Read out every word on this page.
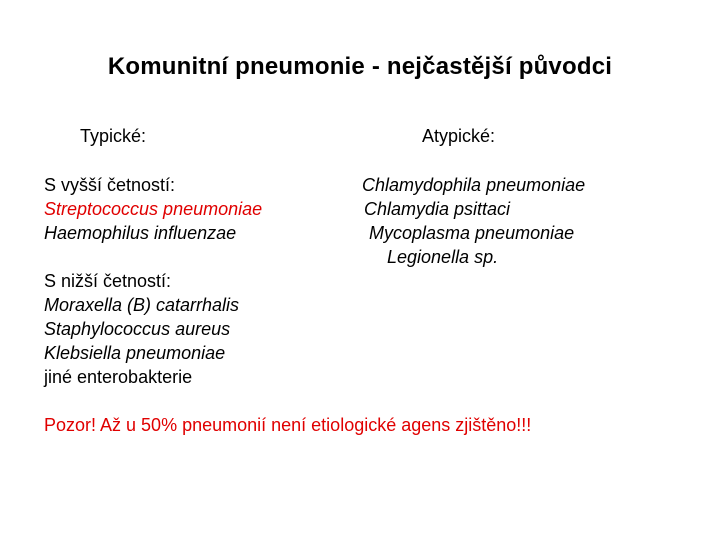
Komunitní pneumonie - nejčastější původci
Typické:	Atypické:
S vyšší četností:
Streptococcus pneumoniae
Haemophilus influenzae
Chlamydophila pneumoniae
Chlamydia psittaci
Mycoplasma pneumoniae
Legionella sp.
S nižší četností:
Moraxella (B) catarrhalis
Staphylococcus aureus
Klebsiella pneumoniae
jiné enterobakterie
Pozor! Až u 50% pneumonií není etiologické agens zjištěno!!!
